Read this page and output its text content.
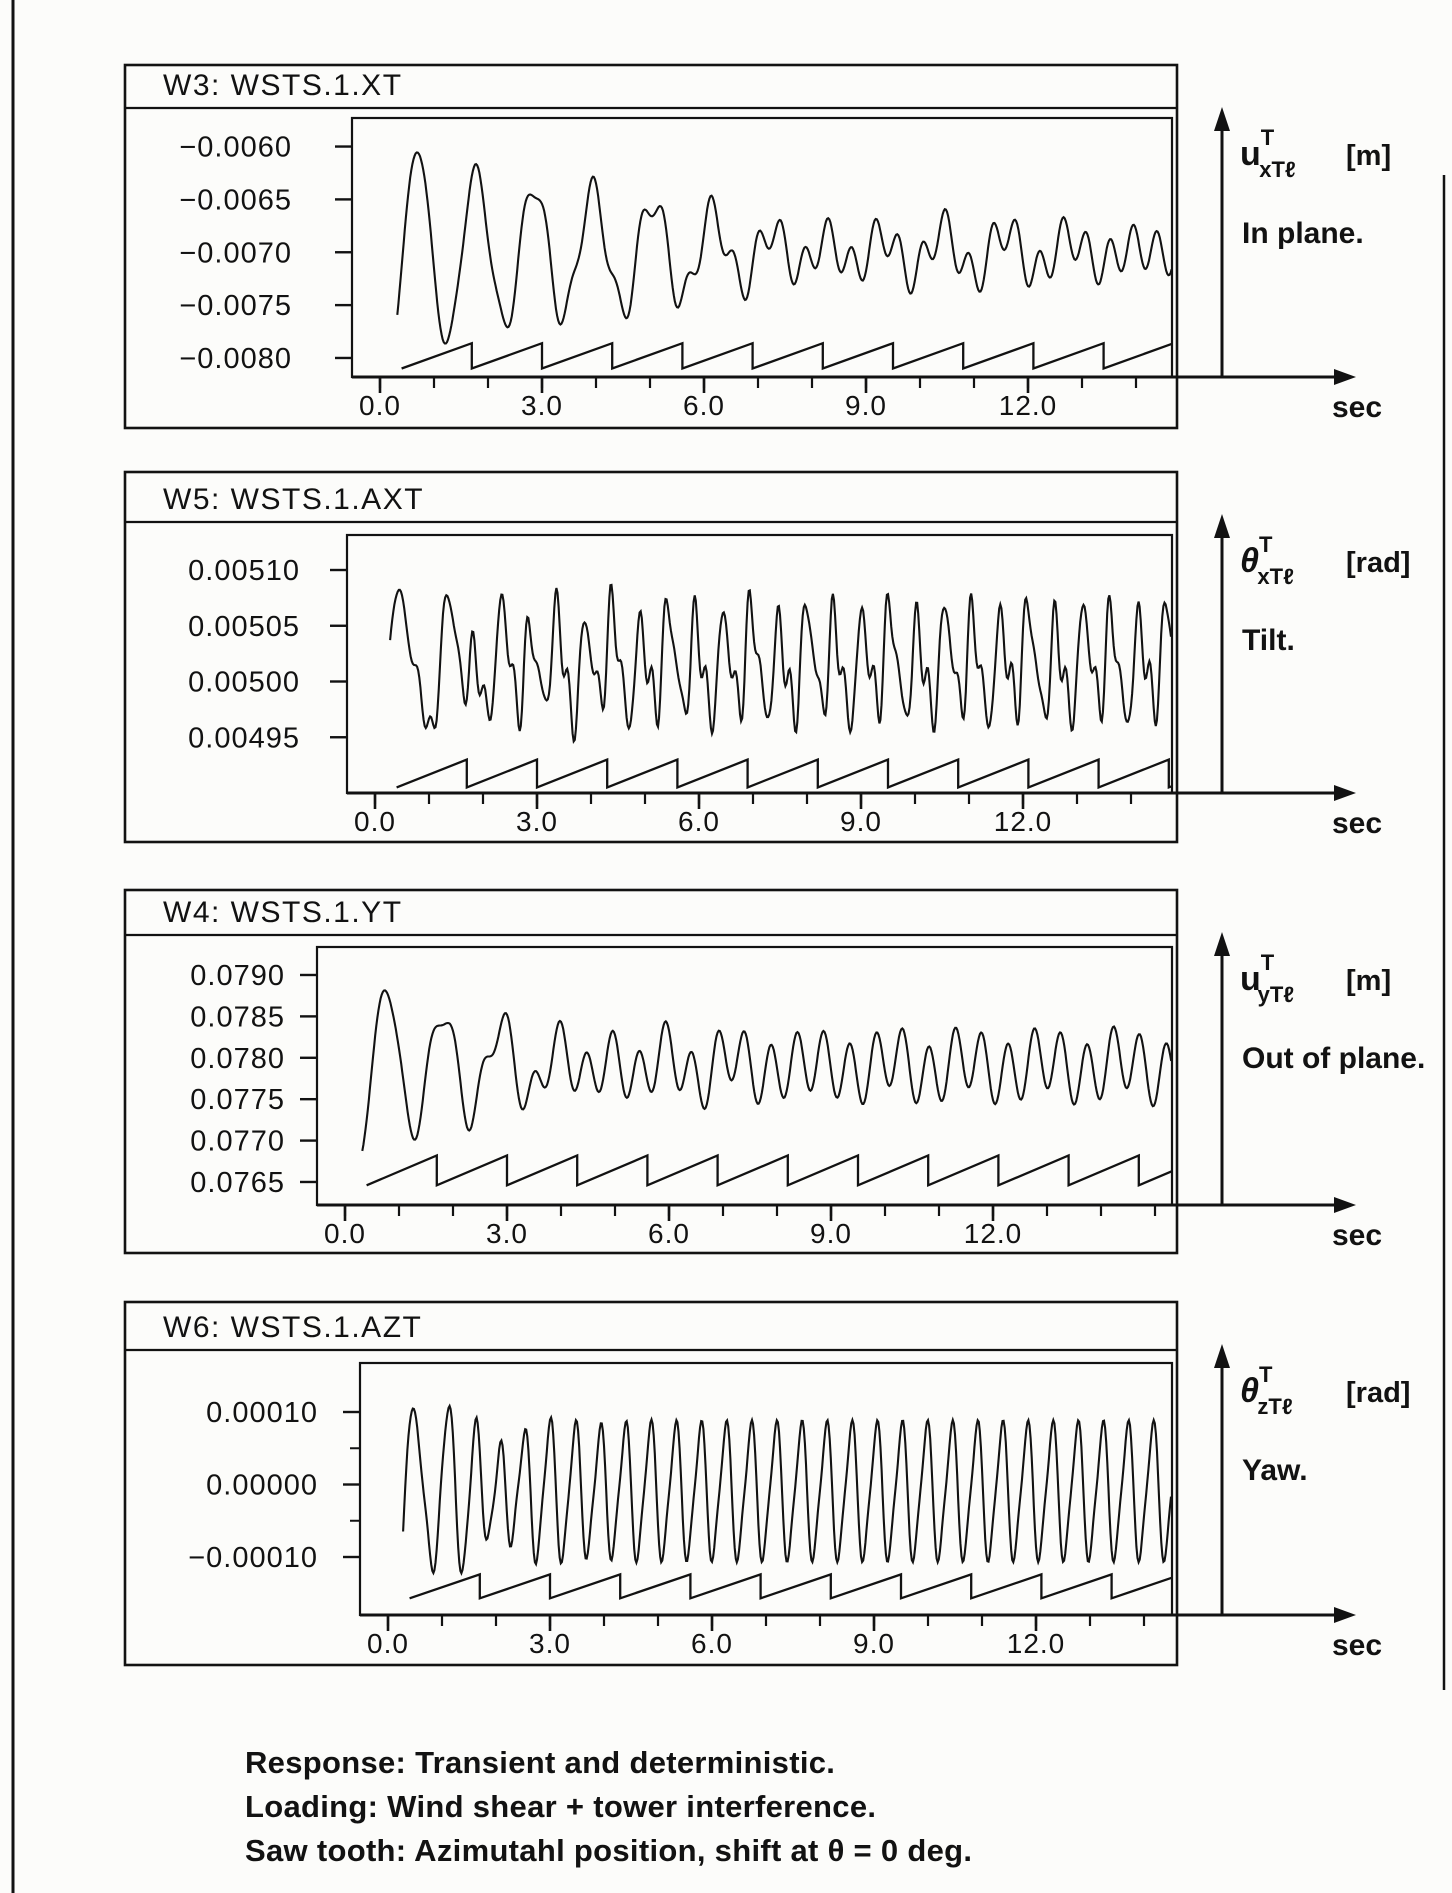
W3: WSTS.1.XT
−0.0060
−0.0065
−0.0070
−0.0075
−0.0080
0.0	3.0	6.0	9.0	12.0	sec
$u^T$ xTℓ [m]
In plane.
W5: WSTS.1.AXT
0.00510
0.00505
0.00500
0.00495
0.0	3.0	6.0	9.0	12.0	sec
$\theta^T$ xTℓ [rad]
Tilt.
W4: WSTS.1.YT
0.0790
0.0785
0.0780
0.0775
0.0770
0.0765
0.0	3.0	6.0	9.0	12.0	sec
$u^T$ yTℓ [m]
Out of plane.
W6: WSTS.1.AZT
0.00010
0.00000
−0.00010
0.0	3.0	6.0	9.0	12.0	sec
$\theta^T$ zTℓ [rad]
Yaw.
Response: Transient and deterministic.
Loading: Wind shear + tower interference.
Saw tooth: Azimutahl position, shift at θ = 0 deg.
